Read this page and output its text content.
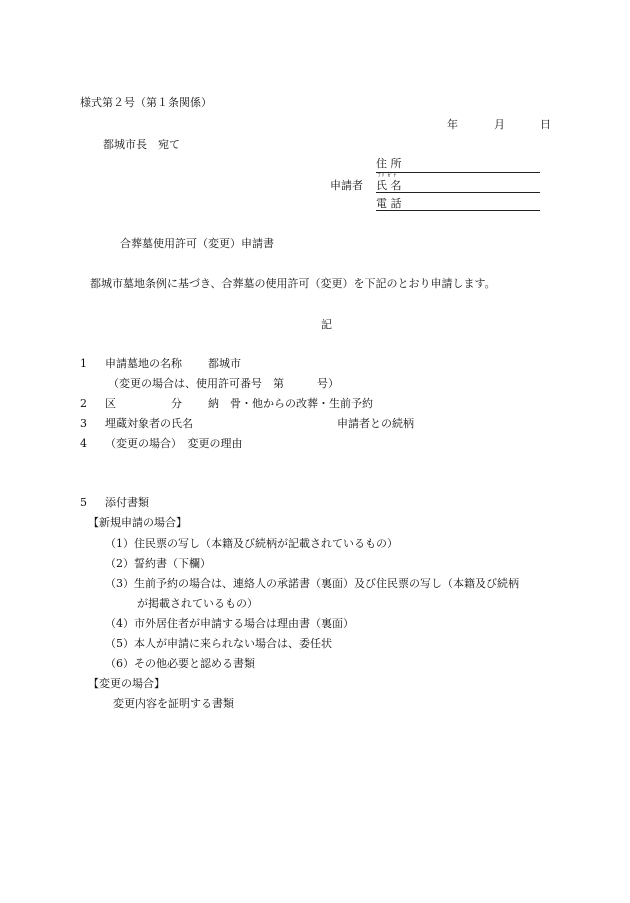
様式第２号（第１条関係）
年	月	日
都城市長　宛て
住 所
ﾌﾘ ｶﾞﾅ
申請者 氏 名
電 話
合葬墓使用許可（変更）申請書
都城市墓地条例に基づき、合葬墓の使用許可（変更）を下記のとおり申請します。
記
1 申請墓地の名称 都城市
（変更の場合は、使用許可番号　第　　　号）
2 区　　　　　分 納　骨・他からの改葬・生前予約
3 埋蔵対象者の氏名	申請者との続柄
4 （変更の場合）　変更の理由
5 添付書類
【新規申請の場合】
（1）住民票の写し（本籍及び続柄が記載されているもの）
（2）誓約書（下欄）
（3）生前予約の場合は、連絡人の承諾書（裏面）及び住民票の写し（本籍及び続柄
が掲載されているもの）
（4）市外居住者が申請する場合は理由書（裏面）
（5）本人が申請に来られない場合は、委任状
（6）その他必要と認める書類
【変更の場合】
変更内容を証明する書類
